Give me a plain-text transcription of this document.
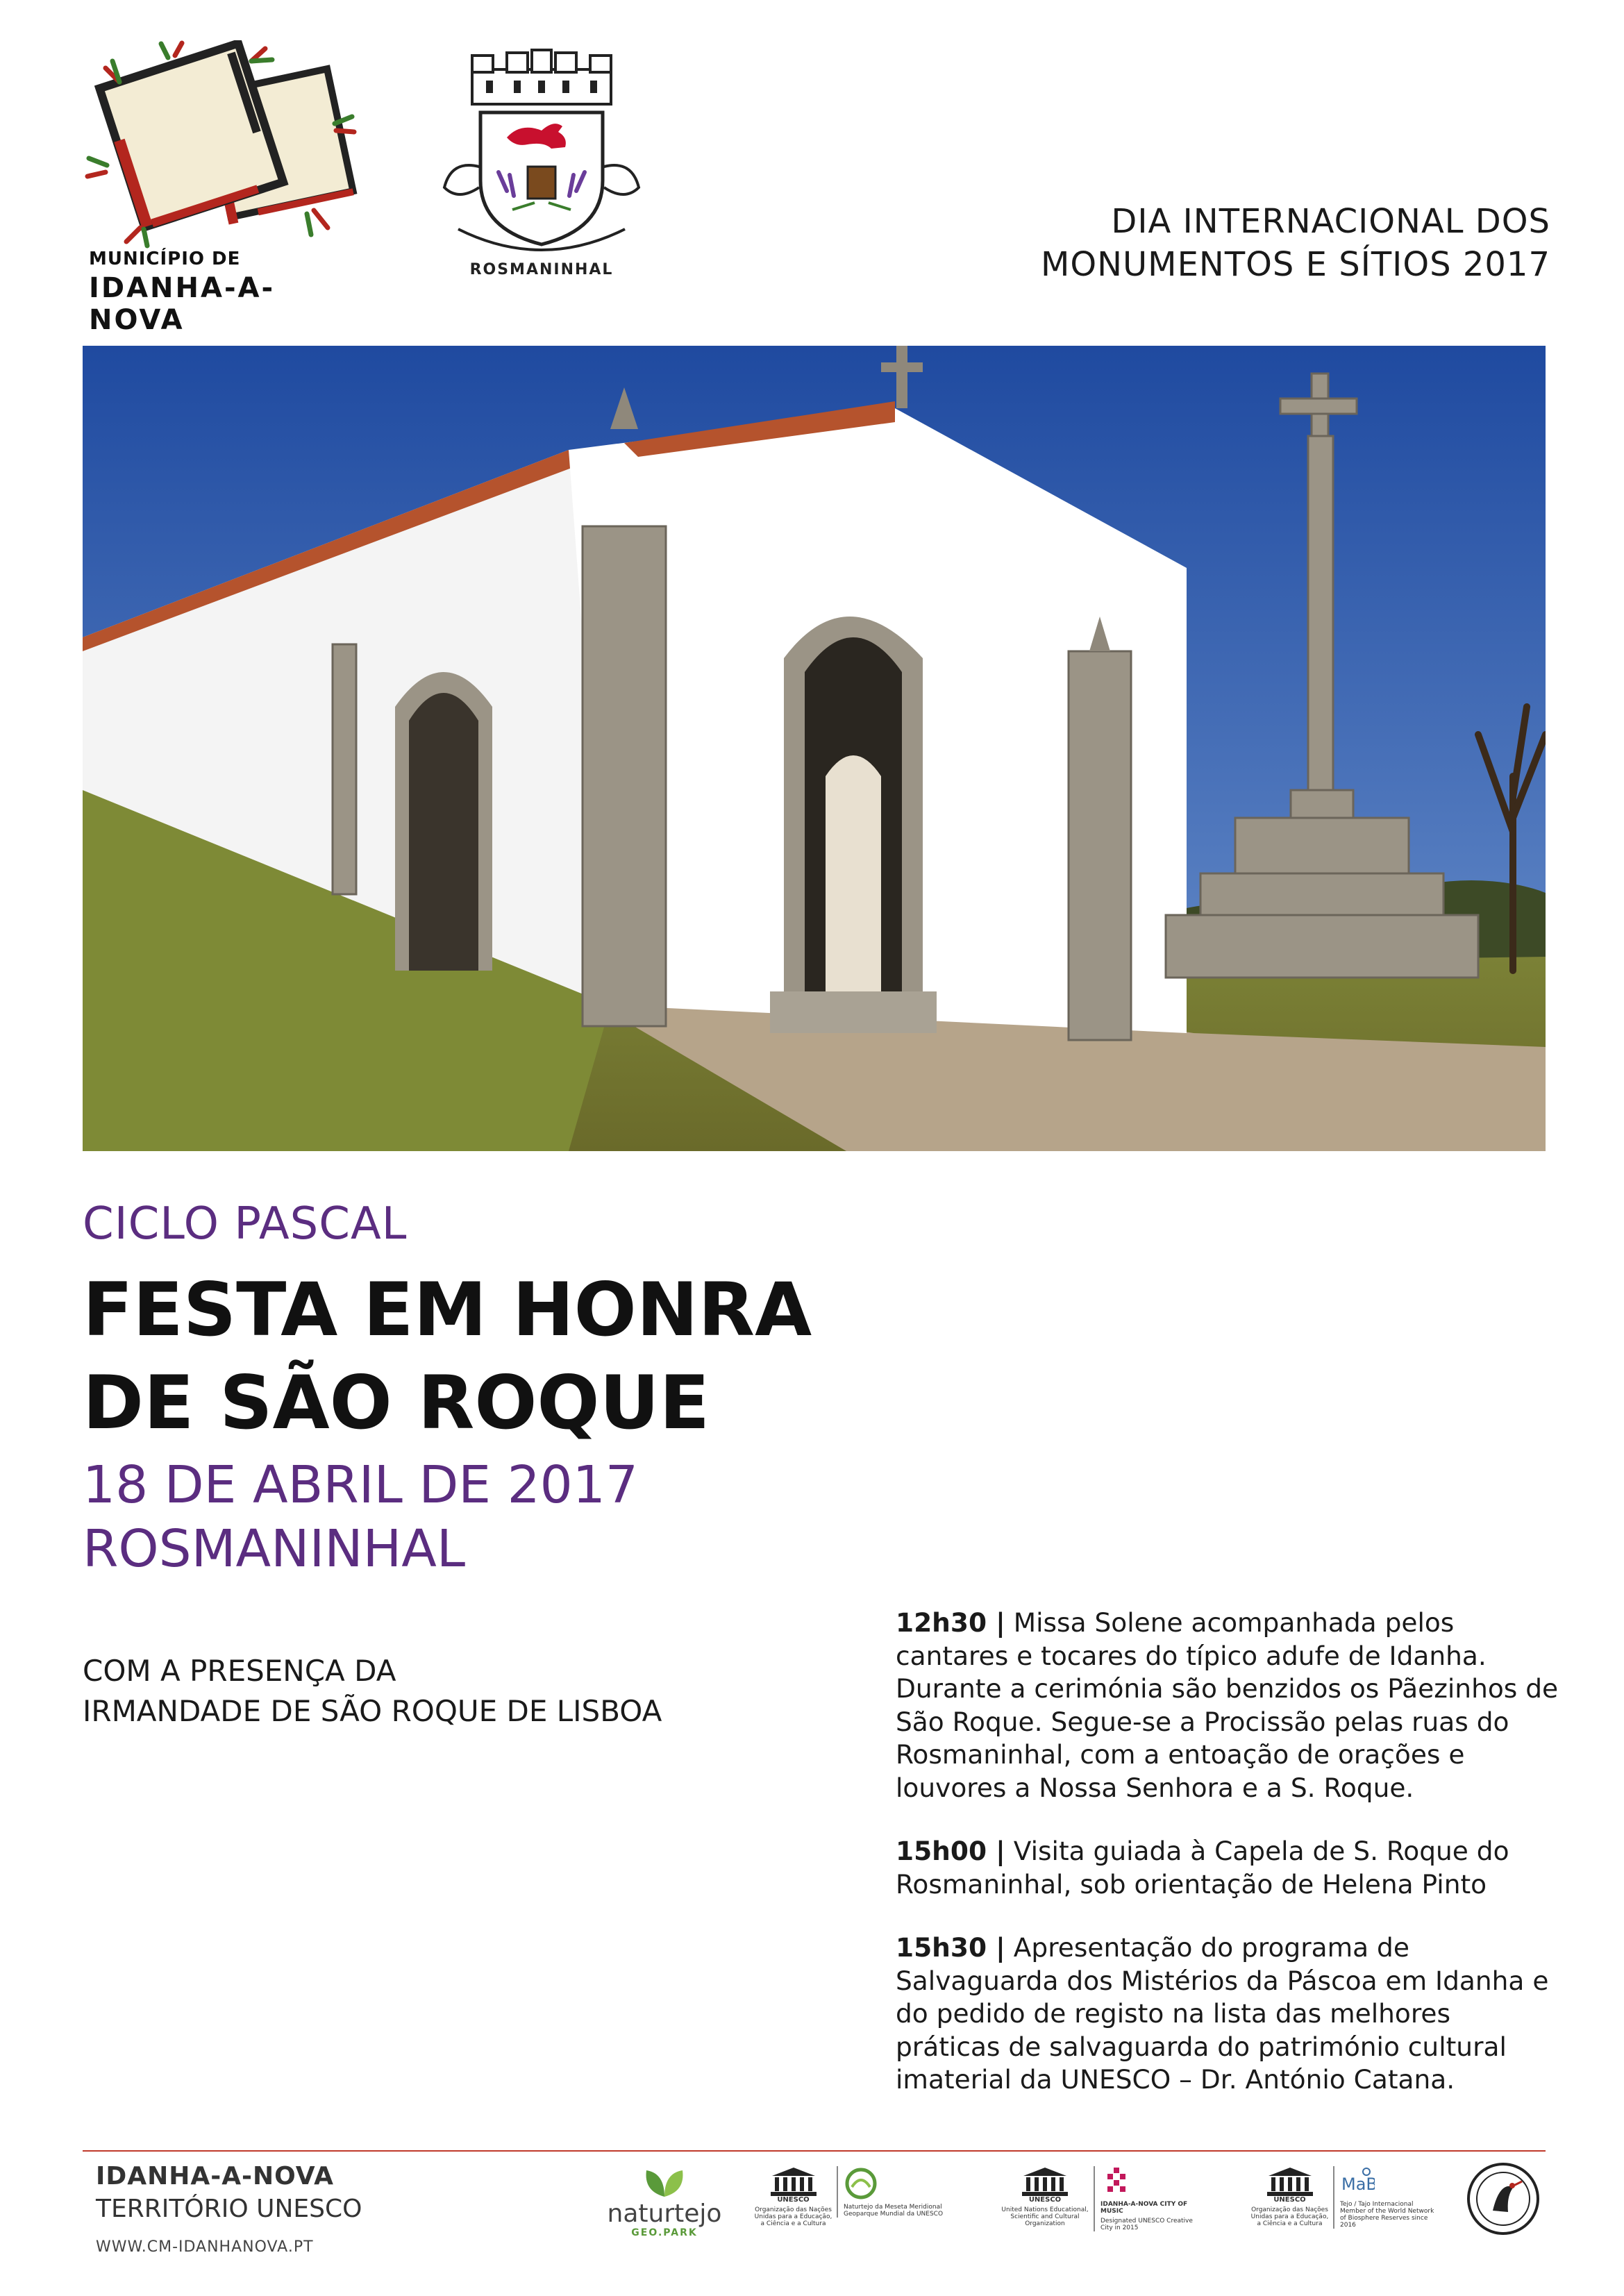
MUNICÍPIO DE
IDANHA-A-NOVA
ROSMANINHAL
DIA INTERNACIONAL DOS
MONUMENTOS E SÍTIOS 2017
CICLO PASCAL
FESTA EM HONRA
DE SÃO ROQUE
18 DE ABRIL DE 2017
ROSMANINHAL
COM A PRESENÇA DA
IRMANDADE DE SÃO ROQUE DE LISBOA
12h30 | Missa Solene acompanhada pelos cantares e tocares do típico adufe de Idanha. Durante a cerimónia são benzidos os Pãezinhos de São Roque. Segue-se a Procissão pelas ruas do Rosmaninhal, com a entoação de orações e louvores a Nossa Senhora e a S. Roque.
15h00 | Visita guiada à Capela de S. Roque do Rosmaninhal, sob orientação de Helena Pinto
15h30 | Apresentação do programa de Salvaguarda dos Mistérios da Páscoa em Idanha e do pedido de registo na lista das melhores práticas de salvaguarda do património cultural imaterial da UNESCO – Dr. António Catana.
IDANHA-A-NOVA
TERRITÓRIO UNESCO
WWW.CM-IDANHANOVA.PT
naturtejo
GEO.PARK
UNESCO
Organização das Nações Unidas para a Educação, a Ciência e a Cultura
Naturtejo da Meseta Meridional Geoparque Mundial da UNESCO
UNESCO
United Nations Educational, Scientific and Cultural Organization
IDANHA-A-NOVA CITY OF MUSIC
Designated UNESCO Creative City in 2015
UNESCO
Organização das Nações Unidas para a Educação, a Ciência e a Cultura
MaB
Tejo / Tajo Internacional Member of the World Network of Biosphere Reserves since 2016
